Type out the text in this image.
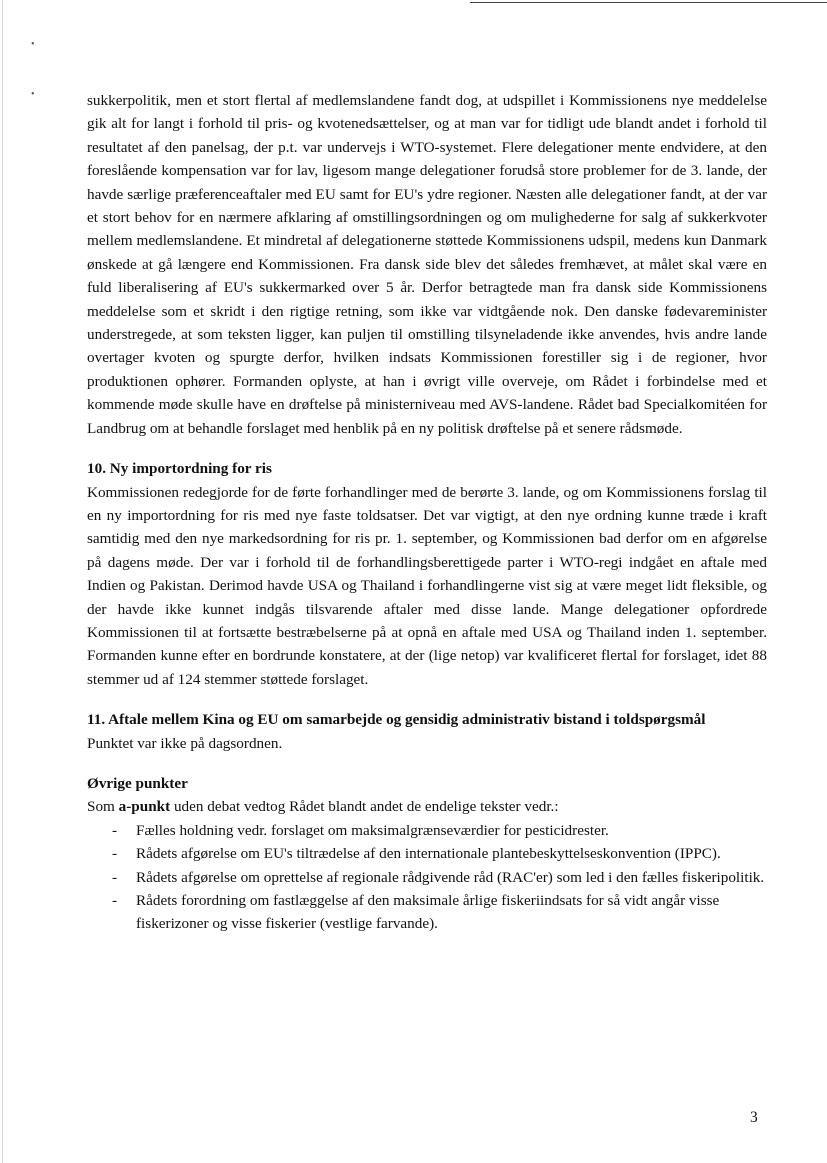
•
•	sukkerpolitik, men et stort flertal af medlemslandene fandt dog, at udspillet i Kommissionens nye meddelelse gik alt for langt i forhold til pris- og kvotenedsættelser, og at man var for tidligt ude blandt andet i forhold til resultatet af den panelsag, der p.t. var undervejs i WTO-systemet. Flere delegationer mente endvidere, at den foreslående kompensation var for lav, ligesom mange delegationer forudså store problemer for de 3. lande, der havde særlige præferenceaftaler med EU samt for EU's ydre regioner. Næsten alle delegationer fandt, at der var et stort behov for en nærmere afklaring af omstillingsordningen og om mulighederne for salg af sukkerkvoter mellem medlemslandene. Et mindretal af delegationerne støttede Kommissionens udspil, medens kun Danmark ønskede at gå længere end Kommissionen. Fra dansk side blev det således fremhævet, at målet skal være en fuld liberalisering af EU's sukkermarked over 5 år. Derfor betragtede man fra dansk side Kommissionens meddelelse som et skridt i den rigtige retning, som ikke var vidtgående nok. Den danske fødevareminister understregede, at som teksten ligger, kan puljen til omstilling tilsyneladende ikke anvendes, hvis andre lande overtager kvoten og spurgte derfor, hvilken indsats Kommissionen forestiller sig i de regioner, hvor produktionen ophører. Formanden oplyste, at han i øvrigt ville overveje, om Rådet i forbindelse med et kommende møde skulle have en drøftelse på ministerniveau med AVS-landene. Rådet bad Specialkomitéen for Landbrug om at behandle forslaget med henblik på en ny politisk drøftelse på et senere rådsmøde.

10. Ny importordning for ris

Kommissionen redegjorde for de førte forhandlinger med de berørte 3. lande, og om Kommissionens forslag til en ny importordning for ris med nye faste toldsatser. Det var vigtigt, at den nye ordning kunne træde i kraft samtidig med den nye markedsordning for ris pr. 1. september, og Kommissionen bad derfor om en afgørelse på dagens møde. Der var i forhold til de forhandlingsberettigede parter i WTO-regi indgået en aftale med Indien og Pakistan. Derimod havde USA og Thailand i forhandlingerne vist sig at være meget lidt fleksible, og der havde ikke kunnet indgås tilsvarende aftaler med disse lande. Mange delegationer opfordrede Kommissionen til at fortsætte bestræbelserne på at opnå en aftale med USA og Thailand inden 1. september. Formanden kunne efter en bordrunde konstatere, at der (lige netop) var kvalificeret flertal for forslaget, idet 88 stemmer ud af 124 stemmer støttede forslaget.

11. Aftale mellem Kina og EU om samarbejde og gensidig administrativ bistand i toldspørgsmål

Punktet var ikke på dagsordnen.

Øvrige punkter

Som a-punkt uden debat vedtog Rådet blandt andet de endelige tekster vedr.:

- Fælles holdning vedr. forslaget om maksimalgrænseværdier for pesticidrester.
- Rådets afgørelse om EU's tiltrædelse af den internationale plantebeskyttelseskonvention (IPPC).
- Rådets afgørelse om oprettelse af regionale rådgivende råd (RAC'er) som led i den fælles fiskeripolitik.
- Rådets forordning om fastlæggelse af den maksimale årlige fiskeriindsats for så vidt angår visse fiskerizoner og visse fiskerier (vestlige farvande).
3
